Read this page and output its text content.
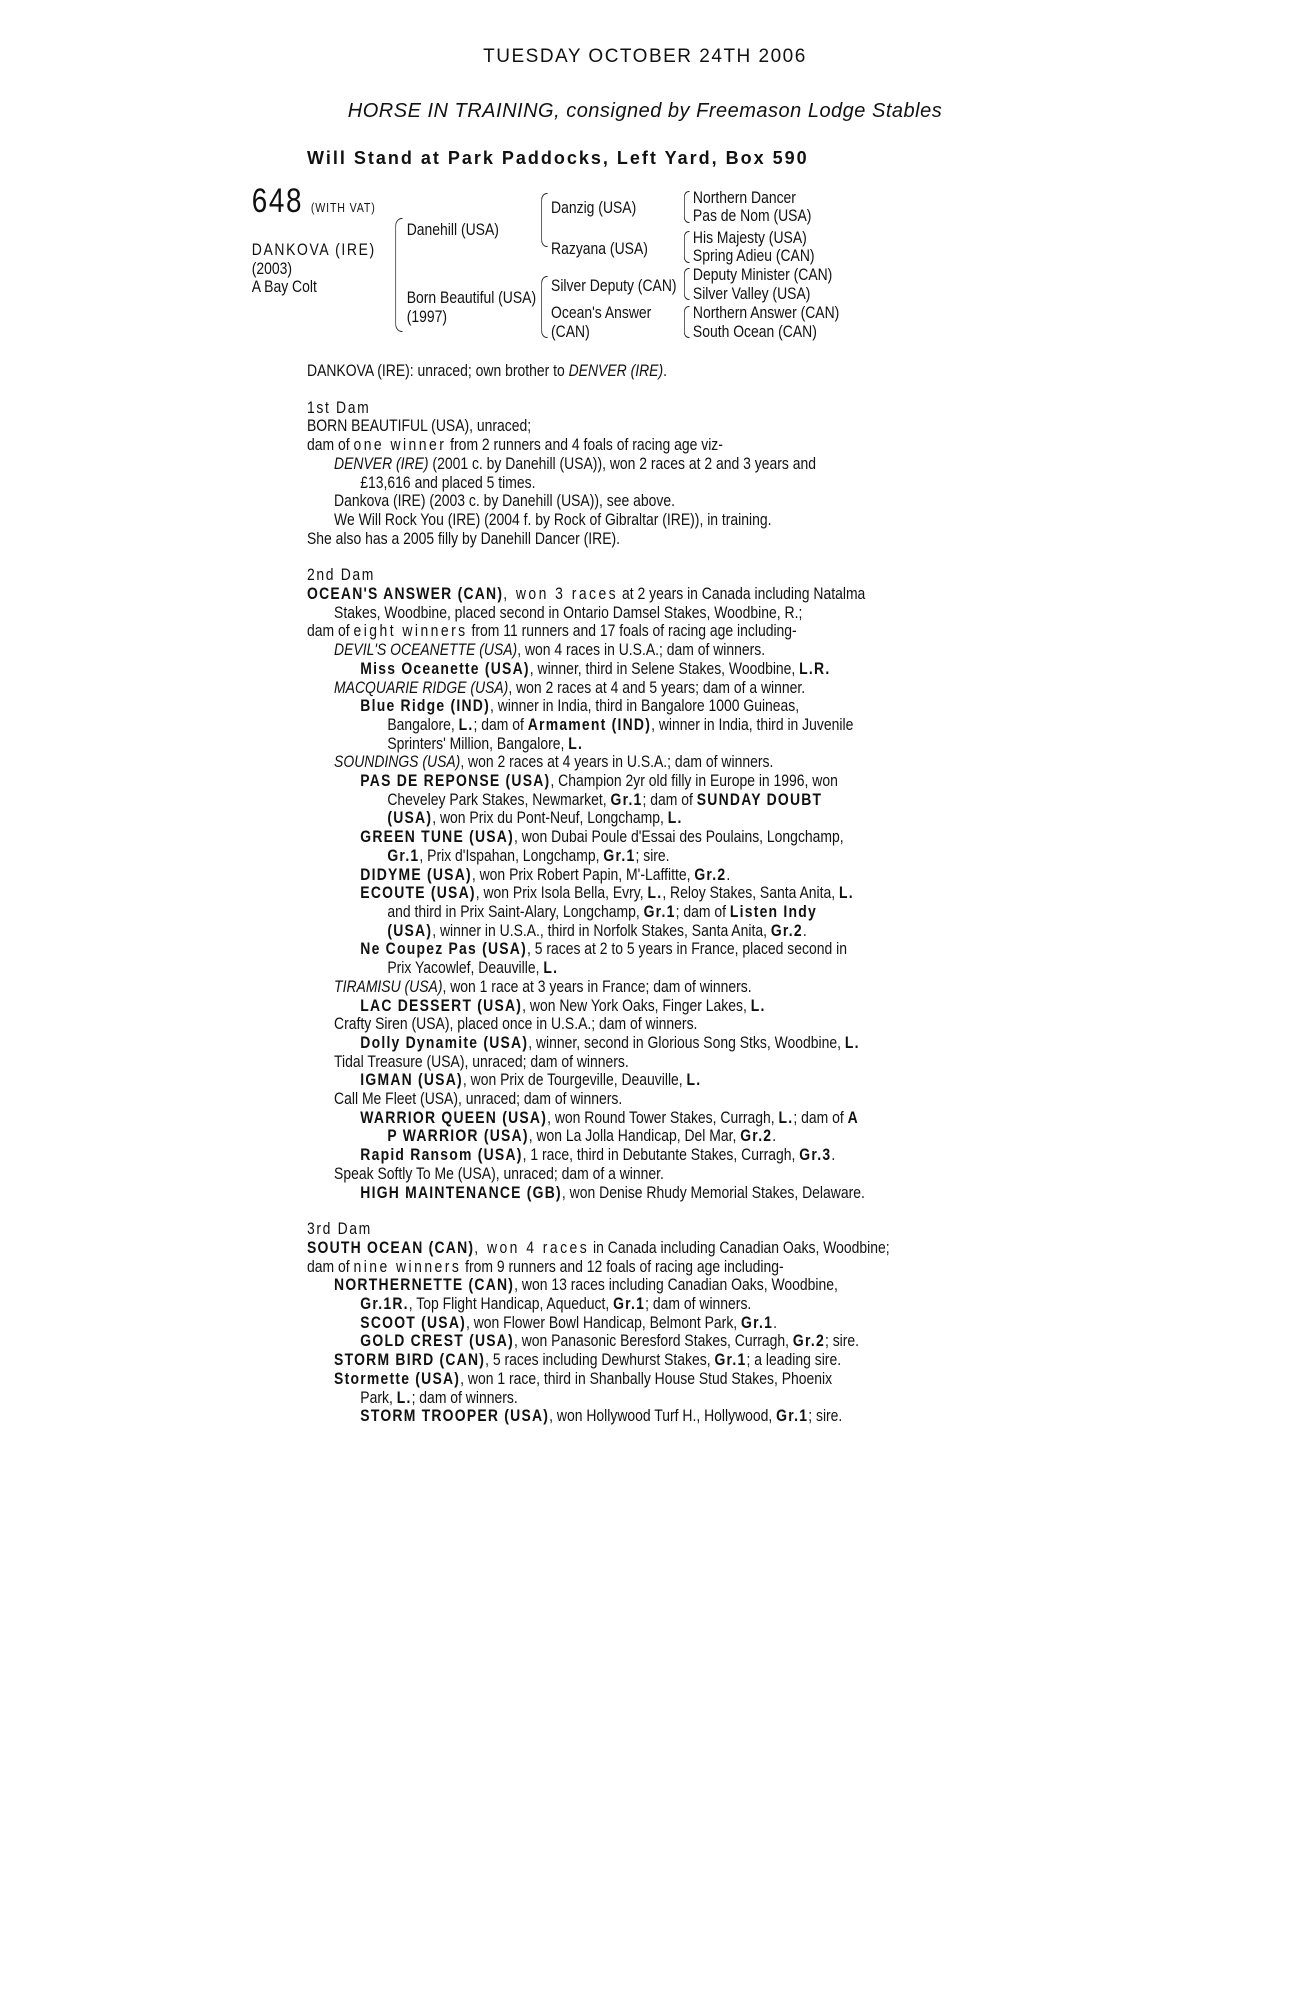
TUESDAY OCTOBER 24TH 2006
HORSE IN TRAINING, consigned by Freemason Lodge Stables
Will Stand at Park Paddocks, Left Yard, Box 590
648 (WITH VAT)
DANKOVA (IRE)
(2003)
A Bay Colt
Danehill (USA)
Born Beautiful (USA)
(1997)
Danzig (USA)
Razyana (USA)
Silver Deputy (CAN)
Ocean's Answer
(CAN)
Northern Dancer
Pas de Nom (USA)
His Majesty (USA)
Spring Adieu (CAN)
Deputy Minister (CAN)
Silver Valley (USA)
Northern Answer (CAN)
South Ocean (CAN)
DANKOVA (IRE): unraced; own brother to DENVER (IRE).
1st Dam
BORN BEAUTIFUL (USA), unraced;
dam of one winner from 2 runners and 4 foals of racing age viz-
DENVER (IRE) (2001 c. by Danehill (USA)), won 2 races at 2 and 3 years and
£13,616 and placed 5 times.
Dankova (IRE) (2003 c. by Danehill (USA)), see above.
We Will Rock You (IRE) (2004 f. by Rock of Gibraltar (IRE)), in training.
She also has a 2005 filly by Danehill Dancer (IRE).
2nd Dam
OCEAN'S ANSWER (CAN), won 3 races at 2 years in Canada including Natalma
Stakes, Woodbine, placed second in Ontario Damsel Stakes, Woodbine, R.;
dam of eight winners from 11 runners and 17 foals of racing age including-
DEVIL'S OCEANETTE (USA), won 4 races in U.S.A.; dam of winners.
Miss Oceanette (USA), winner, third in Selene Stakes, Woodbine, L.R.
MACQUARIE RIDGE (USA), won 2 races at 4 and 5 years; dam of a winner.
Blue Ridge (IND), winner in India, third in Bangalore 1000 Guineas,
Bangalore, L.; dam of Armament (IND), winner in India, third in Juvenile
Sprinters' Million, Bangalore, L.
SOUNDINGS (USA), won 2 races at 4 years in U.S.A.; dam of winners.
PAS DE REPONSE (USA), Champion 2yr old filly in Europe in 1996, won
Cheveley Park Stakes, Newmarket, Gr.1; dam of SUNDAY DOUBT
(USA), won Prix du Pont-Neuf, Longchamp, L.
GREEN TUNE (USA), won Dubai Poule d'Essai des Poulains, Longchamp,
Gr.1, Prix d'Ispahan, Longchamp, Gr.1; sire.
DIDYME (USA), won Prix Robert Papin, M'-Laffitte, Gr.2.
ECOUTE (USA), won Prix Isola Bella, Evry, L., Reloy Stakes, Santa Anita, L.
and third in Prix Saint-Alary, Longchamp, Gr.1; dam of Listen Indy
(USA), winner in U.S.A., third in Norfolk Stakes, Santa Anita, Gr.2.
Ne Coupez Pas (USA), 5 races at 2 to 5 years in France, placed second in
Prix Yacowlef, Deauville, L.
TIRAMISU (USA), won 1 race at 3 years in France; dam of winners.
LAC DESSERT (USA), won New York Oaks, Finger Lakes, L.
Crafty Siren (USA), placed once in U.S.A.; dam of winners.
Dolly Dynamite (USA), winner, second in Glorious Song Stks, Woodbine, L.
Tidal Treasure (USA), unraced; dam of winners.
IGMAN (USA), won Prix de Tourgeville, Deauville, L.
Call Me Fleet (USA), unraced; dam of winners.
WARRIOR QUEEN (USA), won Round Tower Stakes, Curragh, L.; dam of A
P WARRIOR (USA), won La Jolla Handicap, Del Mar, Gr.2.
Rapid Ransom (USA), 1 race, third in Debutante Stakes, Curragh, Gr.3.
Speak Softly To Me (USA), unraced; dam of a winner.
HIGH MAINTENANCE (GB), won Denise Rhudy Memorial Stakes, Delaware.
3rd Dam
SOUTH OCEAN (CAN), won 4 races in Canada including Canadian Oaks, Woodbine;
dam of nine winners from 9 runners and 12 foals of racing age including-
NORTHERNETTE (CAN), won 13 races including Canadian Oaks, Woodbine,
Gr.1R., Top Flight Handicap, Aqueduct, Gr.1; dam of winners.
SCOOT (USA), won Flower Bowl Handicap, Belmont Park, Gr.1.
GOLD CREST (USA), won Panasonic Beresford Stakes, Curragh, Gr.2; sire.
STORM BIRD (CAN), 5 races including Dewhurst Stakes, Gr.1; a leading sire.
Stormette (USA), won 1 race, third in Shanbally House Stud Stakes, Phoenix
Park, L.; dam of winners.
STORM TROOPER (USA), won Hollywood Turf H., Hollywood, Gr.1; sire.
